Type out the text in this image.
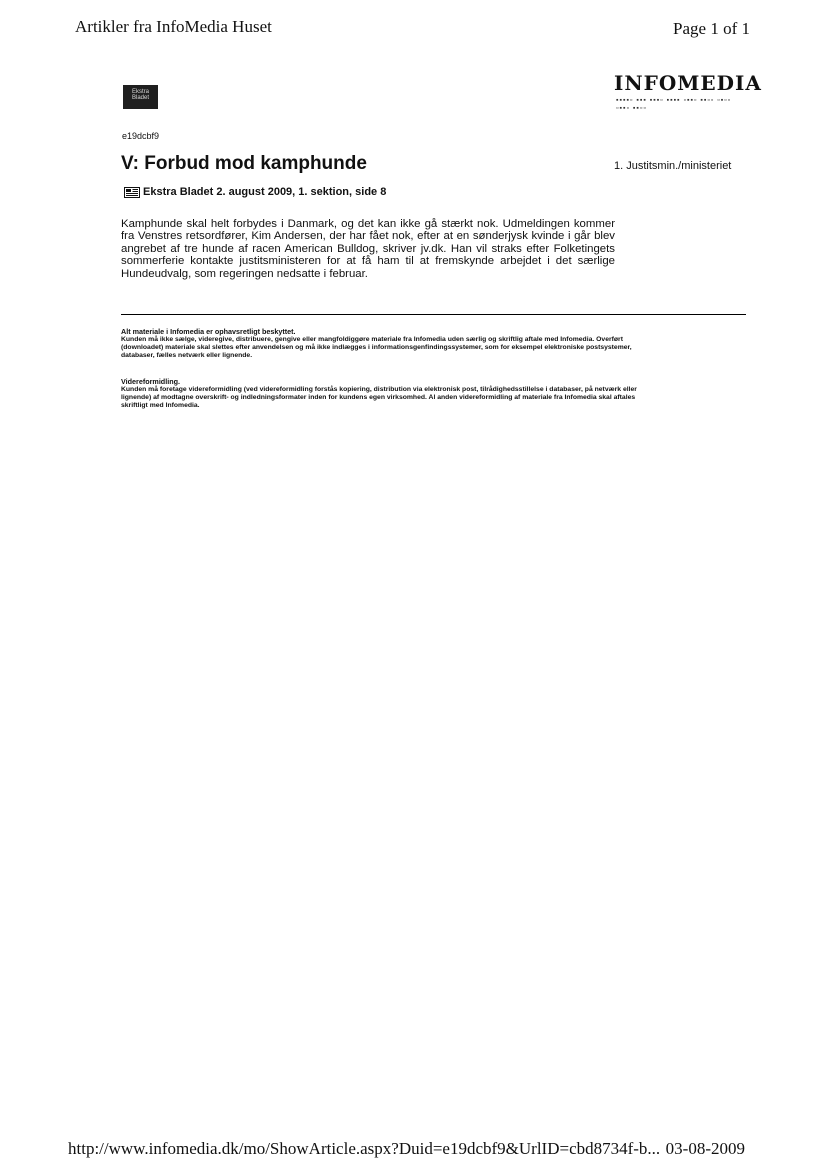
Artikler fra InfoMedia Huset	Page 1 of 1
Ekstra Bladet
INFOMEDIA
▪▪▪▪▫ ▪▪▪ ▪▪▪▫ ▪▪▪▪ ▫▪▪▫ ▪▪▫▫ ▫▪▫▫ ▫▪▪▫ ▪▪▫▫
e19dcbf9
V: Forbud mod kamphunde	1. Justitsmin./ministeriet
Ekstra Bladet 2. august 2009, 1. sektion, side 8

Kamphunde skal helt forbydes i Danmark, og det kan ikke gå stærkt nok. Udmeldingen kommer fra Venstres retsordfører, Kim Andersen, der har fået nok, efter at en sønderjysk kvinde i går blev angrebet af tre hunde af racen American Bulldog, skriver jv.dk. Han vil straks efter Folketingets sommerferie kontakte justitsministeren for at få ham til at fremskynde arbejdet i det særlige Hundeudvalg, som regeringen nedsatte i februar.

Alt materiale i Infomedia er ophavsretligt beskyttet.

Kunden må ikke sælge, videregive, distribuere, gengive eller mangfoldiggøre materiale fra Infomedia uden særlig og skriftlig aftale med Infomedia. Overført (downloadet) materiale skal slettes efter anvendelsen og må ikke indlægges i informationsgenfindingssystemer, som for eksempel elektroniske postsystemer, databaser, fælles netværk eller lignende.

Videreformidling.

Kunden må foretage videreformidling (ved videreformidling forstås kopiering, distribution via elektronisk post, tilrådighedsstillelse i databaser, på netværk eller lignende) af modtagne overskrift- og indledningsformater inden for kundens egen virksomhed. Al anden videreformidling af materiale fra Infomedia skal aftales skriftligt med Infomedia.

http://www.infomedia.dk/mo/ShowArticle.aspx?Duid=e19dcbf9&UrlID=cbd8734f-b... 03-08-2009
